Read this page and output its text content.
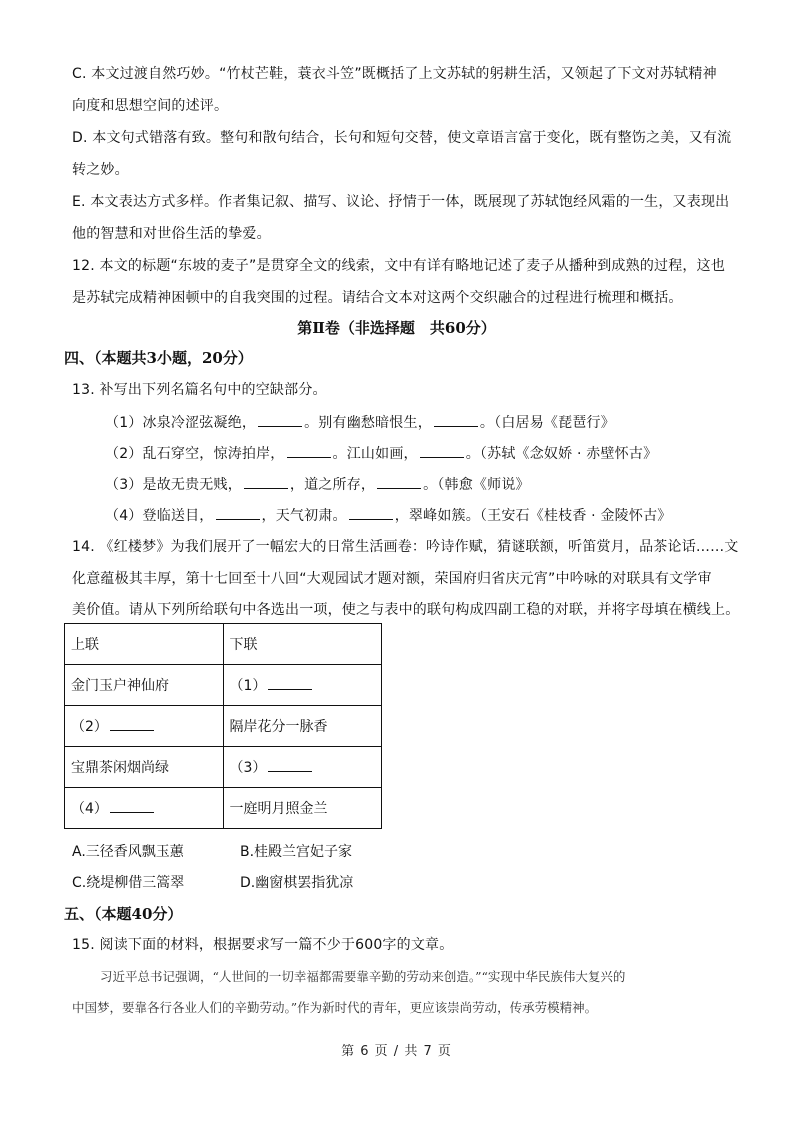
C. 本文过渡自然巧妙。“竹杖芒鞋，蓑衣斗笠”既概括了上文苏轼的躬耕生活，又领起了下文对苏轼精神
向度和思想空间的述评。
D. 本文句式错落有致。整句和散句结合，长句和短句交替，使文章语言富于变化，既有整饬之美，又有流
转之妙。
E. 本文表达方式多样。作者集记叙、描写、议论、抒情于一体，既展现了苏轼饱经风霜的一生，又表现出
他的智慧和对世俗生活的挚爱。
12. 本文的标题“东坡的麦子”是贯穿全文的线索，文中有详有略地记述了麦子从播种到成熟的过程，这也
是苏轼完成精神困顿中的自我突围的过程。请结合文本对这两个交织融合的过程进行梳理和概括。
第Ⅱ卷（非选择题　共60分）
四、（本题共3小题，20分）
13. 补写出下列名篇名句中的空缺部分。
（1）冰泉冷涩弦凝绝，	。别有幽愁暗恨生，	。（白居易《琵琶行》
（2）乱石穿空，惊涛拍岸，	。江山如画，	。（苏轼《念奴娇 · 赤壁怀古》
（3）是故无贵无贱，	，道之所存，	。（韩愈《师说》
（4）登临送目，	，天气初肃。	，翠峰如簇。（王安石《桂枝香 · 金陵怀古》
14. 《红楼梦》为我们展开了一幅宏大的日常生活画卷：吟诗作赋，猜谜联额，听笛赏月，品茶论话……文
化意蕴极其丰厚，第十七回至十八回“大观园试才题对额，荣国府归省庆元宵”中吟咏的对联具有文学审
美价值。请从下列所给联句中各选出一项，使之与表中的联句构成四副工稳的对联，并将字母填在横线上。
上联	下联
金门玉户神仙府	（1）
（2）	隔岸花分一脉香
宝鼎茶闲烟尚绿	（3）
（4）	一庭明月照金兰
A.三径香风飘玉蕙	B.桂殿兰宫妃子家
C.绕堤柳借三篙翠	D.幽窗棋罢指犹凉
五、（本题40分）
15. 阅读下面的材料，根据要求写一篇不少于600字的文章。
习近平总书记强调，“人世间的一切幸福都需要靠辛勤的劳动来创造。”“实现中华民族伟大复兴的
中国梦，要靠各行各业人们的辛勤劳动。”作为新时代的青年，更应该崇尚劳动，传承劳模精神。
第 6 页 / 共 7 页
